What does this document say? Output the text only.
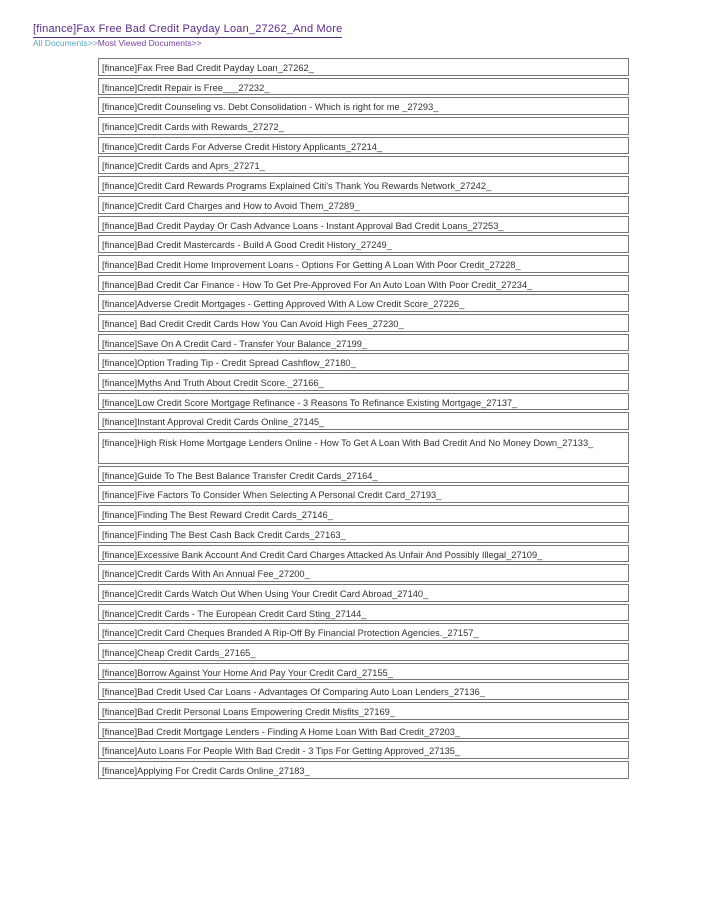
[finance]Fax Free Bad Credit Payday Loan_27262_And More
All Documents>>Most Viewed Documents>>
[finance]Fax Free Bad Credit Payday Loan_27262_
[finance]Credit Repair is Free___27232_
[finance]Credit Counseling vs. Debt Consolidation - Which is right for me _27293_
[finance]Credit Cards with Rewards_27272_
[finance]Credit Cards For Adverse Credit History Applicants_27214_
[finance]Credit Cards and Aprs_27271_
[finance]Credit Card Rewards Programs Explained Citi's Thank You Rewards Network_27242_
[finance]Credit Card Charges and How to Avoid Them_27289_
[finance]Bad Credit Payday Or Cash Advance Loans - Instant Approval Bad Credit Loans_27253_
[finance]Bad Credit Mastercards - Build A Good Credit History_27249_
[finance]Bad Credit Home Improvement Loans - Options For Getting A Loan With Poor Credit_27228_
[finance]Bad Credit Car Finance - How To Get Pre-Approved For An Auto Loan With Poor Credit_27234_
[finance]Adverse Credit Mortgages - Getting Approved With A Low Credit Score_27226_
[finance] Bad Credit Credit Cards How You Can Avoid High Fees_27230_
[finance]Save On A Credit Card - Transfer Your Balance_27199_
[finance]Option Trading Tip - Credit Spread Cashflow_27180_
[finance]Myths And Truth About Credit Score._27166_
[finance]Low Credit Score Mortgage Refinance - 3 Reasons To Refinance Existing Mortgage_27137_
[finance]Instant Approval Credit Cards Online_27145_
[finance]High Risk Home Mortgage Lenders Online - How To Get A Loan With Bad Credit And No Money Down_27133_
[finance]Guide To The Best Balance Transfer Credit Cards_27164_
[finance]Five Factors To Consider When Selecting A Personal Credit Card_27193_
[finance]Finding The Best Reward Credit Cards_27146_
[finance]Finding The Best Cash Back Credit Cards_27163_
[finance]Excessive Bank Account And Credit Card Charges Attacked As Unfair And Possibly Illegal_27109_
[finance]Credit Cards With An Annual Fee_27200_
[finance]Credit Cards Watch Out When Using Your Credit Card Abroad_27140_
[finance]Credit Cards - The European Credit Card Sting_27144_
[finance]Credit Card Cheques Branded A Rip-Off By Financial Protection Agencies._27157_
[finance]Cheap Credit Cards_27165_
[finance]Borrow Against Your Home And Pay Your Credit Card_27155_
[finance]Bad Credit Used Car Loans - Advantages Of Comparing Auto Loan Lenders_27136_
[finance]Bad Credit Personal Loans Empowering Credit Misfits_27169_
[finance]Bad Credit Mortgage Lenders - Finding A Home Loan With Bad Credit_27203_
[finance]Auto Loans For People With Bad Credit - 3 Tips For Getting Approved_27135_
[finance]Applying For Credit Cards Online_27183_
